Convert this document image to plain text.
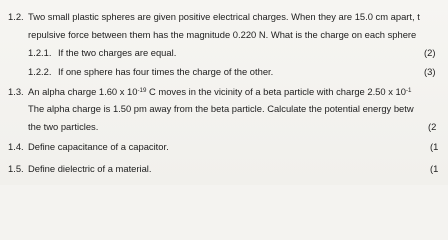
1.2. Two small plastic spheres are given positive electrical charges. When they are 15.0 cm apart, t
repulsive force between them has the magnitude 0.220 N. What is the charge on each sphere
1.2.1. If the two charges are equal.	(2)
1.2.2. If one sphere has four times the charge of the other.	(3)
1.3. An alpha charge 1.60 x $10^{-19}$ C moves in the vicinity of a beta particle with charge 2.50 x $10^{-1}$
The alpha charge is 1.50 pm away from the beta particle. Calculate the potential energy betw
the two particles.	(2
1.4. Define capacitance of a capacitor.	(1
1.5. Define dielectric of a material.	(1
